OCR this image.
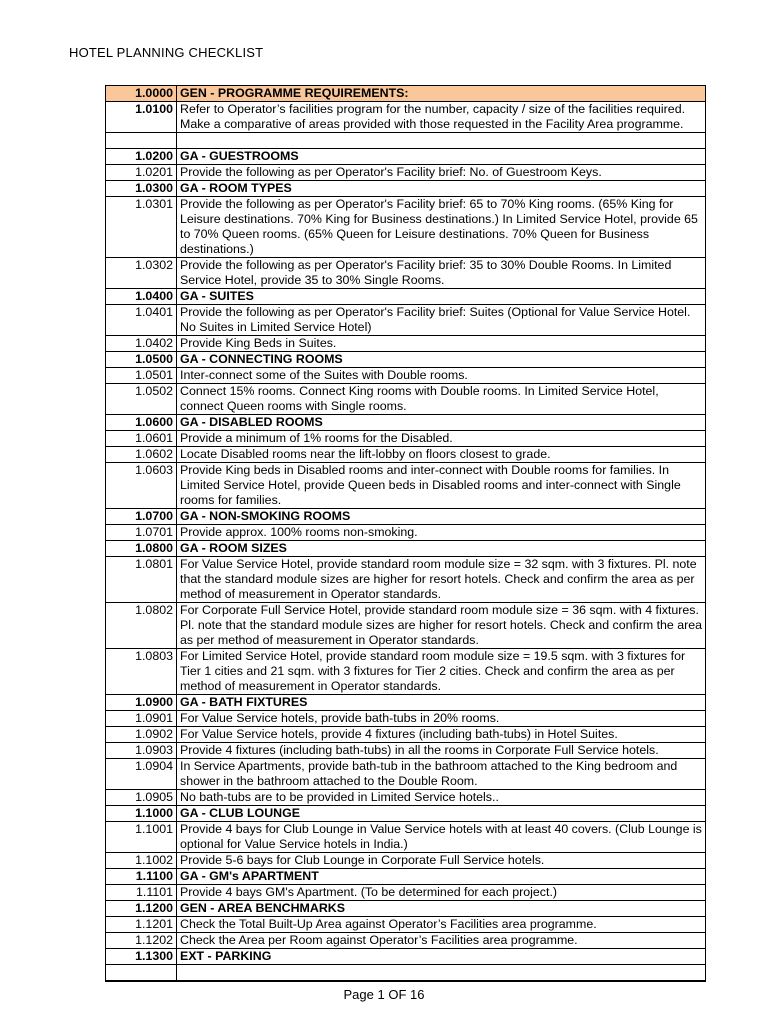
HOTEL PLANNING CHECKLIST
1.0000	GEN - PROGRAMME REQUIREMENTS:
1.0100	Refer to Operator’s facilities program for the number, capacity / size of the facilities required. Make a comparative of areas provided with those requested in the Facility Area programme.

1.0200	GA - GUESTROOMS
1.0201	Provide the following as per Operator's Facility brief: No. of Guestroom Keys.
1.0300	GA - ROOM TYPES
1.0301	Provide the following as per Operator's Facility brief: 65 to 70% King rooms. (65% King for Leisure destinations. 70% King for Business destinations.) In Limited Service Hotel, provide 65 to 70% Queen rooms. (65% Queen for Leisure destinations. 70% Queen for Business destinations.)
1.0302	Provide the following as per Operator's Facility brief: 35 to 30% Double Rooms. In Limited Service Hotel, provide 35 to 30% Single Rooms.
1.0400	GA - SUITES
1.0401	Provide the following as per Operator's Facility brief: Suites (Optional for Value Service Hotel. No Suites in Limited Service Hotel)
1.0402	Provide King Beds in Suites.
1.0500	GA - CONNECTING ROOMS
1.0501	Inter-connect some of the Suites with Double rooms.
1.0502	Connect 15% rooms. Connect King rooms with Double rooms. In Limited Service Hotel, connect Queen rooms with Single rooms.
1.0600	GA - DISABLED ROOMS
1.0601	Provide a minimum of 1% rooms for the Disabled.
1.0602	Locate Disabled rooms near the lift-lobby on floors closest to grade.
1.0603	Provide King beds in Disabled rooms and inter-connect with Double rooms for families. In Limited Service Hotel, provide Queen beds in Disabled rooms and inter-connect with Single rooms for families.
1.0700	GA - NON-SMOKING ROOMS
1.0701	Provide approx. 100% rooms non-smoking.
1.0800	GA - ROOM SIZES
1.0801	For Value Service Hotel, provide standard room module size = 32 sqm. with 3 fixtures. Pl. note that the standard module sizes are higher for resort hotels. Check and confirm the area as per method of measurement in Operator standards.
1.0802	For Corporate Full Service Hotel, provide standard room module size = 36 sqm. with 4 fixtures. Pl. note that the standard module sizes are higher for resort hotels. Check and confirm the area as per method of measurement in Operator standards.
1.0803	For Limited Service Hotel, provide standard room module size = 19.5 sqm. with 3 fixtures for Tier 1 cities and 21 sqm. with 3 fixtures for Tier 2 cities. Check and confirm the area as per method of measurement in Operator standards.
1.0900	GA - BATH FIXTURES
1.0901	For Value Service hotels, provide bath-tubs in 20% rooms.
1.0902	For Value Service hotels, provide 4 fixtures (including bath-tubs) in Hotel Suites.
1.0903	Provide 4 fixtures (including bath-tubs) in all the rooms in Corporate Full Service hotels.
1.0904	In Service Apartments, provide bath-tub in the bathroom attached to the King bedroom and shower in the bathroom attached to the Double Room.
1.0905	No bath-tubs are to be provided in Limited Service hotels..
1.1000	GA - CLUB LOUNGE
1.1001	Provide 4 bays for Club Lounge in Value Service hotels with at least 40 covers. (Club Lounge is optional for Value Service hotels in India.)
1.1002	Provide 5-6 bays for Club Lounge in Corporate Full Service hotels.
1.1100	GA - GM's APARTMENT
1.1101	Provide 4 bays GM's Apartment. (To be determined for each project.)
1.1200	GEN - AREA BENCHMARKS
1.1201	Check the Total Built-Up Area against Operator’s Facilities area programme.
1.1202	Check the Area per Room against Operator’s Facilities area programme.
1.1300	EXT - PARKING

Page 1 OF 16
